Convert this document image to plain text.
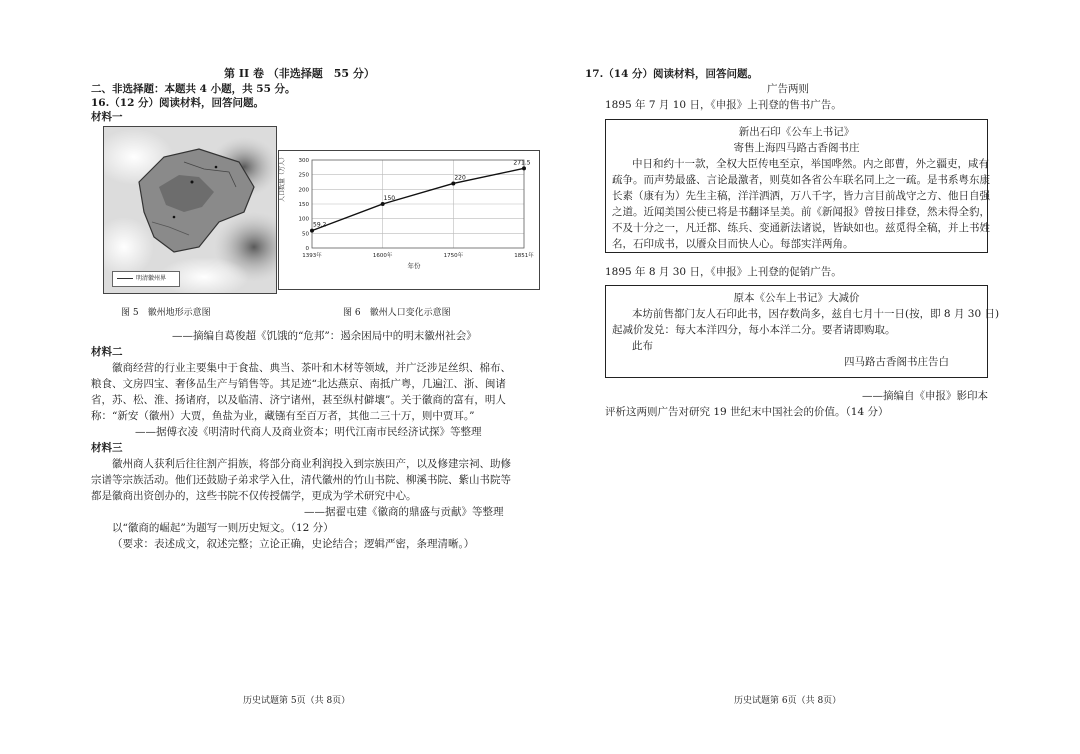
第 II 卷 （非选择题　55 分）
二、非选择题：本题共 4 小题，共 55 分。
16.（12 分）阅读材料，回答问题。
材料一
明清徽州界
0
50
100
150
200
250
300
1393年	1600年	1750年	1851年
59.2
150
220
271.5
人口数量（万人）
年份
图 5　徽州地形示意图	图 6　徽州人口变化示意图
——摘编自葛俊超《饥饿的“危邦”：遏余困局中的明末徽州社会》
材料二
徽商经营的行业主要集中于食盐、典当、茶叶和木材等领域，并广泛涉足丝织、棉布、
粮食、文房四宝、奢侈品生产与销售等。其足迹“北达燕京、南抵广粤，几遍江、浙、闽诸
省，苏、松、淮、扬诸府，以及临清、济宁诸州，甚至纵村僻壤”。关于徽商的富有，明人
称：“新安（徽州）大贾，鱼盐为业，藏镪有至百万者，其他二三十万，则中贾耳。”
——据傅衣凌《明清时代商人及商业资本；明代江南市民经济试探》等整理
材料三
徽州商人获利后往往割产捐族，将部分商业利润投入到宗族田产，以及修建宗祠、助修
宗谱等宗族活动。他们还鼓励子弟求学入仕，清代徽州的竹山书院、柳溪书院、紫山书院等
都是徽商出资创办的，这些书院不仅传授儒学，更成为学术研究中心。
——据翟屯建《徽商的鼎盛与贡献》等整理
以“徽商的崛起”为题写一则历史短文。（12 分）
（要求：表述成文，叙述完整；立论正确，史论结合；逻辑严密，条理清晰。）
历史试题第 5页（共 8页）
17.（14 分）阅读材料，回答问题。
广告两则
1895 年 7 月 10 日，《申报》上刊登的售书广告。
新出石印《公车上书记》
寄售上海四马路古香阁书庄
中日和约十一款，全权大臣传电至京，举国哗然。内之郎曹，外之疆吏，咸有
疏争。而声势最盛、言论最激者，则莫如各省公车联名同上之一疏。是书系粤东康
长素（康有为）先生主稿，洋洋洒洒，万八千字，皆力言目前战守之方、他日自强
之道。近闻美国公使已将是书翻译呈美。前《新闻报》曾按日排登，然未得全豹，
不及十分之一，凡迁都、练兵、变通新法诸说，皆缺如也。兹觅得全稿，并上书姓
名，石印成书，以餍众目而快人心。每部实洋两角。
1895 年 8 月 30 日，《申报》上刊登的促销广告。
原本《公车上书记》大减价
本坊前售都门友人石印此书，因存数尚多，兹自七月十一日(按，即 8 月 30 日)
起减价发兑：每大本洋四分，每小本洋二分。要者请即购取。
此布
四马路古香阁书庄告白
——摘编自《申报》影印本
评析这两则广告对研究 19 世纪末中国社会的价值。（14 分）
历史试题第 6页（共 8页）
